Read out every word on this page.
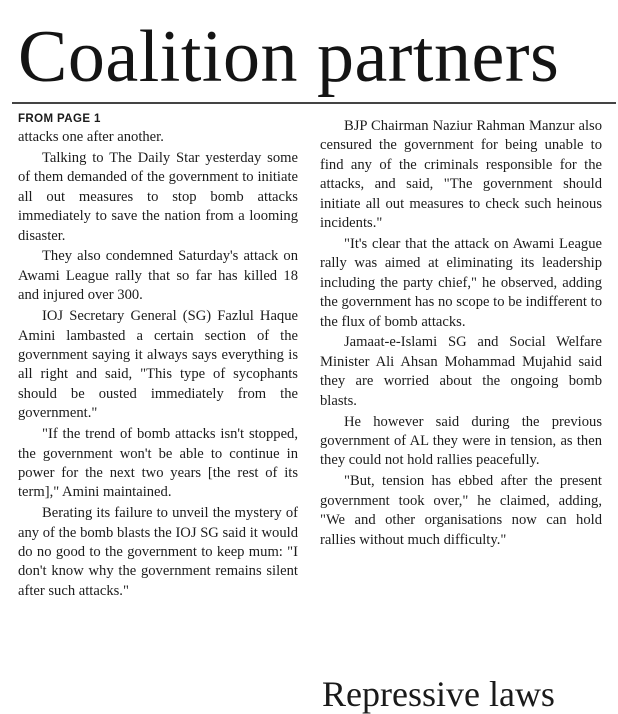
Coalition partners
FROM PAGE 1

attacks one after another.

Talking to The Daily Star yesterday some of them demanded of the government to initiate all out measures to stop bomb attacks immediately to save the nation from a looming disaster.

They also condemned Saturday's attack on Awami League rally that so far has killed 18 and injured over 300.

IOJ Secretary General (SG) Fazlul Haque Amini lambasted a certain section of the government saying it always says everything is all right and said, "This type of sycophants should be ousted immediately from the government."

"If the trend of bomb attacks isn't stopped, the government won't be able to continue in power for the next two years [the rest of its term]," Amini maintained.

Berating its failure to unveil the mystery of any of the bomb blasts the IOJ SG said it would do no good to the government to keep mum: "I don't know why the government remains silent after such attacks."

BJP Chairman Naziur Rahman Manzur also censured the government for being unable to find any of the criminals responsible for the attacks, and said, "The government should initiate all out measures to check such heinous incidents."

"It's clear that the attack on Awami League rally was aimed at eliminating its leadership including the party chief," he observed, adding the government has no scope to be indifferent to the flux of bomb attacks.

Jamaat-e-Islami SG and Social Welfare Minister Ali Ahsan Mohammad Mujahid said they are worried about the ongoing bomb blasts.

He however said during the previous government of AL they were in tension, as then they could not hold rallies peacefully.

"But, tension has ebbed after the present government took over," he claimed, adding, "We and other organisations now can hold rallies without much difficulty."

Repressive laws
